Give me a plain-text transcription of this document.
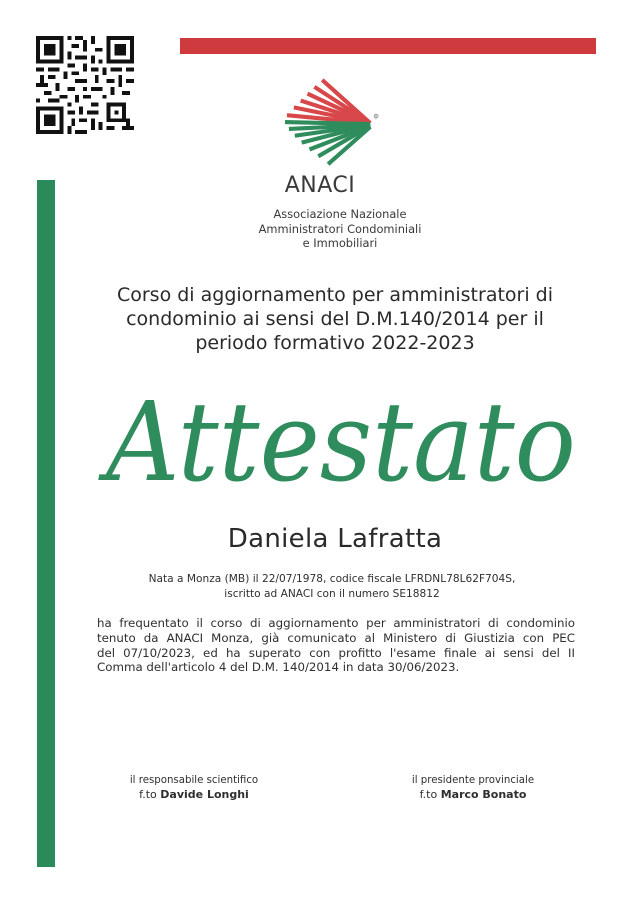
R
ANACI
Associazione Nazionale
Amministratori Condominiali
e Immobiliari
Corso di aggiornamento per amministratori di
condominio ai sensi del D.M.140/2014 per il
periodo formativo 2022-2023
Attestato
Daniela Lafratta
Nata a Monza (MB) il 22/07/1978, codice fiscale LFRDNL78L62F704S,
iscritto ad ANACI con il numero SE18812
ha frequentato il corso di aggiornamento per amministratori di condominio
tenuto da ANACI Monza, già comunicato al Ministero di Giustizia con PEC
del 07/10/2023, ed ha superato con profitto l'esame finale ai sensi del II
Comma dell'articolo 4 del D.M. 140/2014 in data 30/06/2023.
il responsabile scientifico
f.to Davide Longhi
il presidente provinciale
f.to Marco Bonato
